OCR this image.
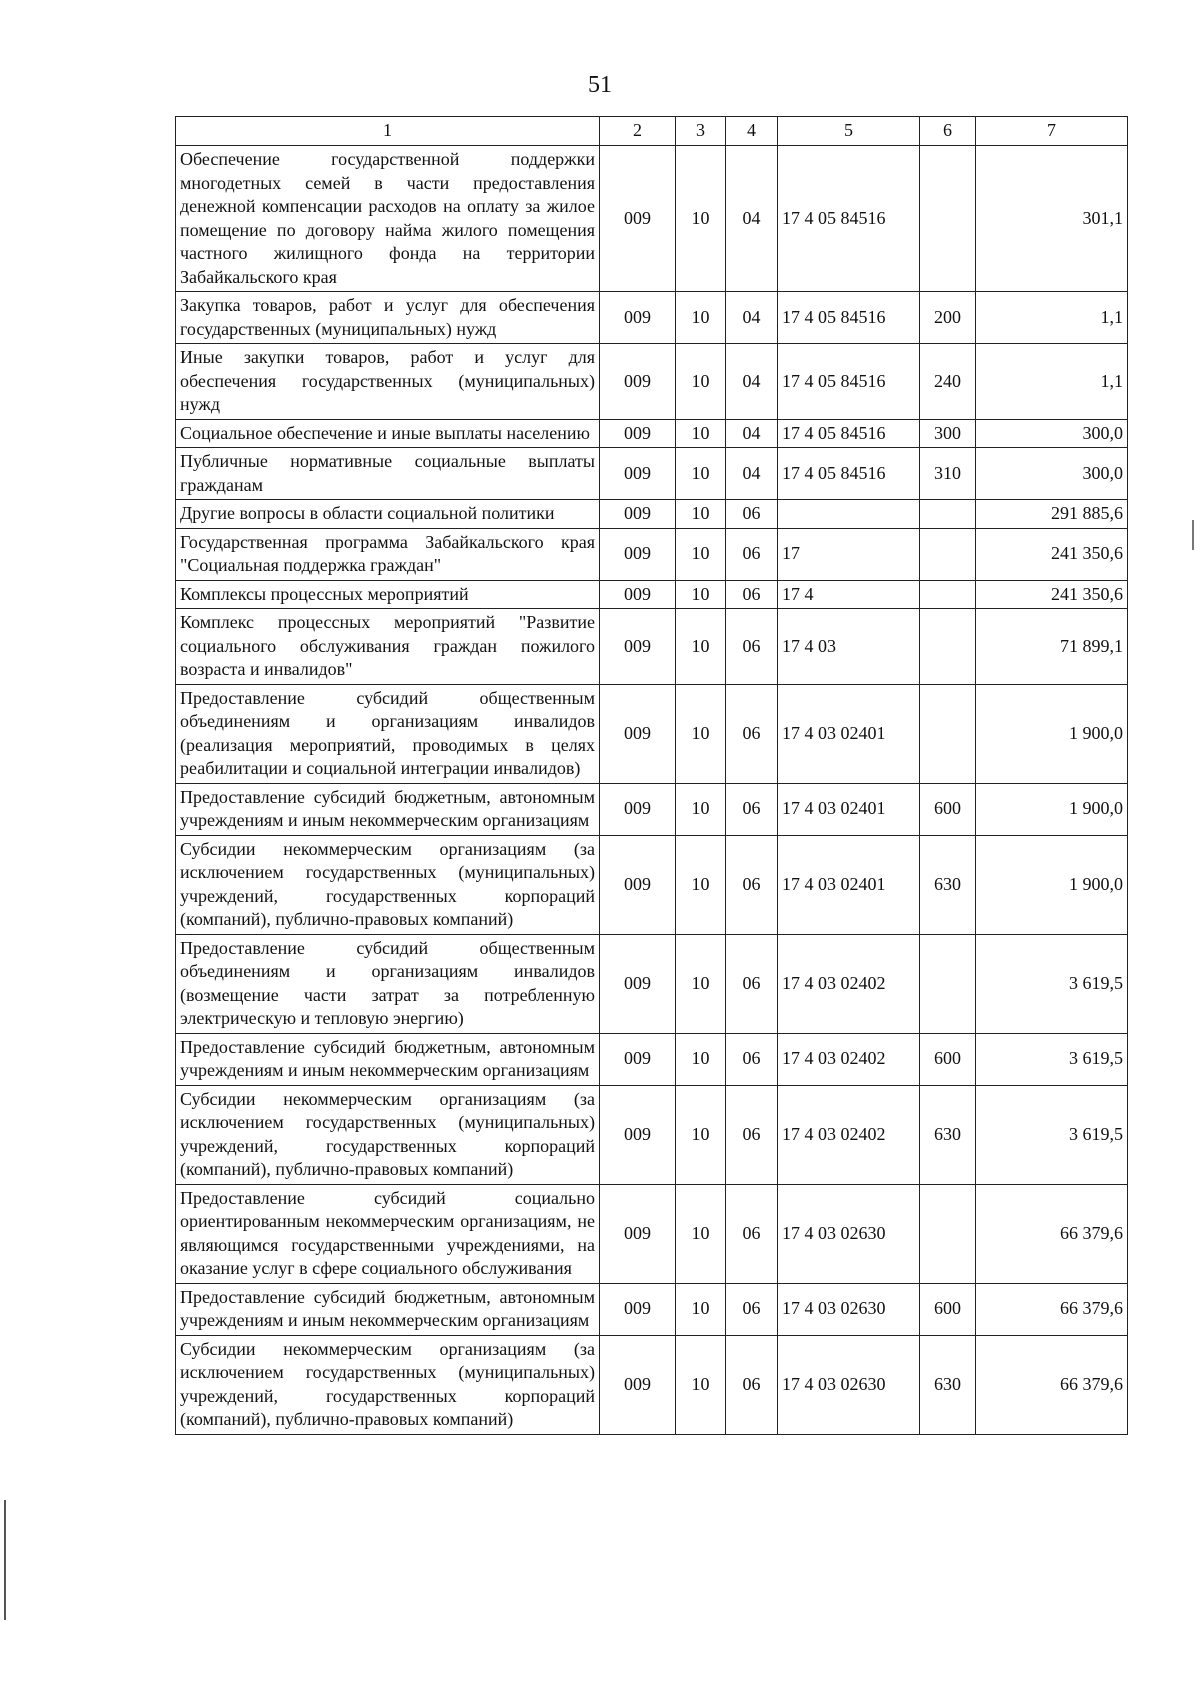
51
1	2	3	4	5	6	7
Обеспечение государственной поддержки многодетных семей в части предоставления денежной компенсации расходов на оплату за жилое помещение по договору найма жилого помещения частного жилищного фонда на территории Забайкальского края	009	10	04	17 4 05 84516		301,1
Закупка товаров, работ и услуг для обеспечения государственных (муниципальных) нужд	009	10	04	17 4 05 84516	200	1,1
Иные закупки товаров, работ и услуг для обеспечения государственных (муниципальных) нужд	009	10	04	17 4 05 84516	240	1,1
Социальное обеспечение и иные выплаты населению	009	10	04	17 4 05 84516	300	300,0
Публичные нормативные социальные выплаты гражданам	009	10	04	17 4 05 84516	310	300,0
Другие вопросы в области социальной политики	009	10	06			291 885,6
Государственная программа Забайкальского края "Социальная поддержка граждан"	009	10	06	17		241 350,6
Комплексы процессных мероприятий	009	10	06	17 4		241 350,6
Комплекс процессных мероприятий "Развитие социального обслуживания граждан пожилого возраста и инвалидов"	009	10	06	17 4 03		71 899,1
Предоставление субсидий общественным объединениям и организациям инвалидов (реализация мероприятий, проводимых в целях реабилитации и социальной интеграции инвалидов)	009	10	06	17 4 03 02401		1 900,0
Предоставление субсидий бюджетным, автономным учреждениям и иным некоммерческим организациям	009	10	06	17 4 03 02401	600	1 900,0
Субсидии некоммерческим организациям (за исключением государственных (муниципальных) учреждений, государственных корпораций (компаний), публично-правовых компаний)	009	10	06	17 4 03 02401	630	1 900,0
Предоставление субсидий общественным объединениям и организациям инвалидов (возмещение части затрат за потребленную электрическую и тепловую энергию)	009	10	06	17 4 03 02402		3 619,5
Предоставление субсидий бюджетным, автономным учреждениям и иным некоммерческим организациям	009	10	06	17 4 03 02402	600	3 619,5
Субсидии некоммерческим организациям (за исключением государственных (муниципальных) учреждений, государственных корпораций (компаний), публично-правовых компаний)	009	10	06	17 4 03 02402	630	3 619,5
Предоставление субсидий социально ориентированным некоммерческим организациям, не являющимся государственными учреждениями, на оказание услуг в сфере социального обслуживания	009	10	06	17 4 03 02630		66 379,6
Предоставление субсидий бюджетным, автономным учреждениям и иным некоммерческим организациям	009	10	06	17 4 03 02630	600	66 379,6
Субсидии некоммерческим организациям (за исключением государственных (муниципальных) учреждений, государственных корпораций (компаний), публично-правовых компаний)	009	10	06	17 4 03 02630	630	66 379,6
